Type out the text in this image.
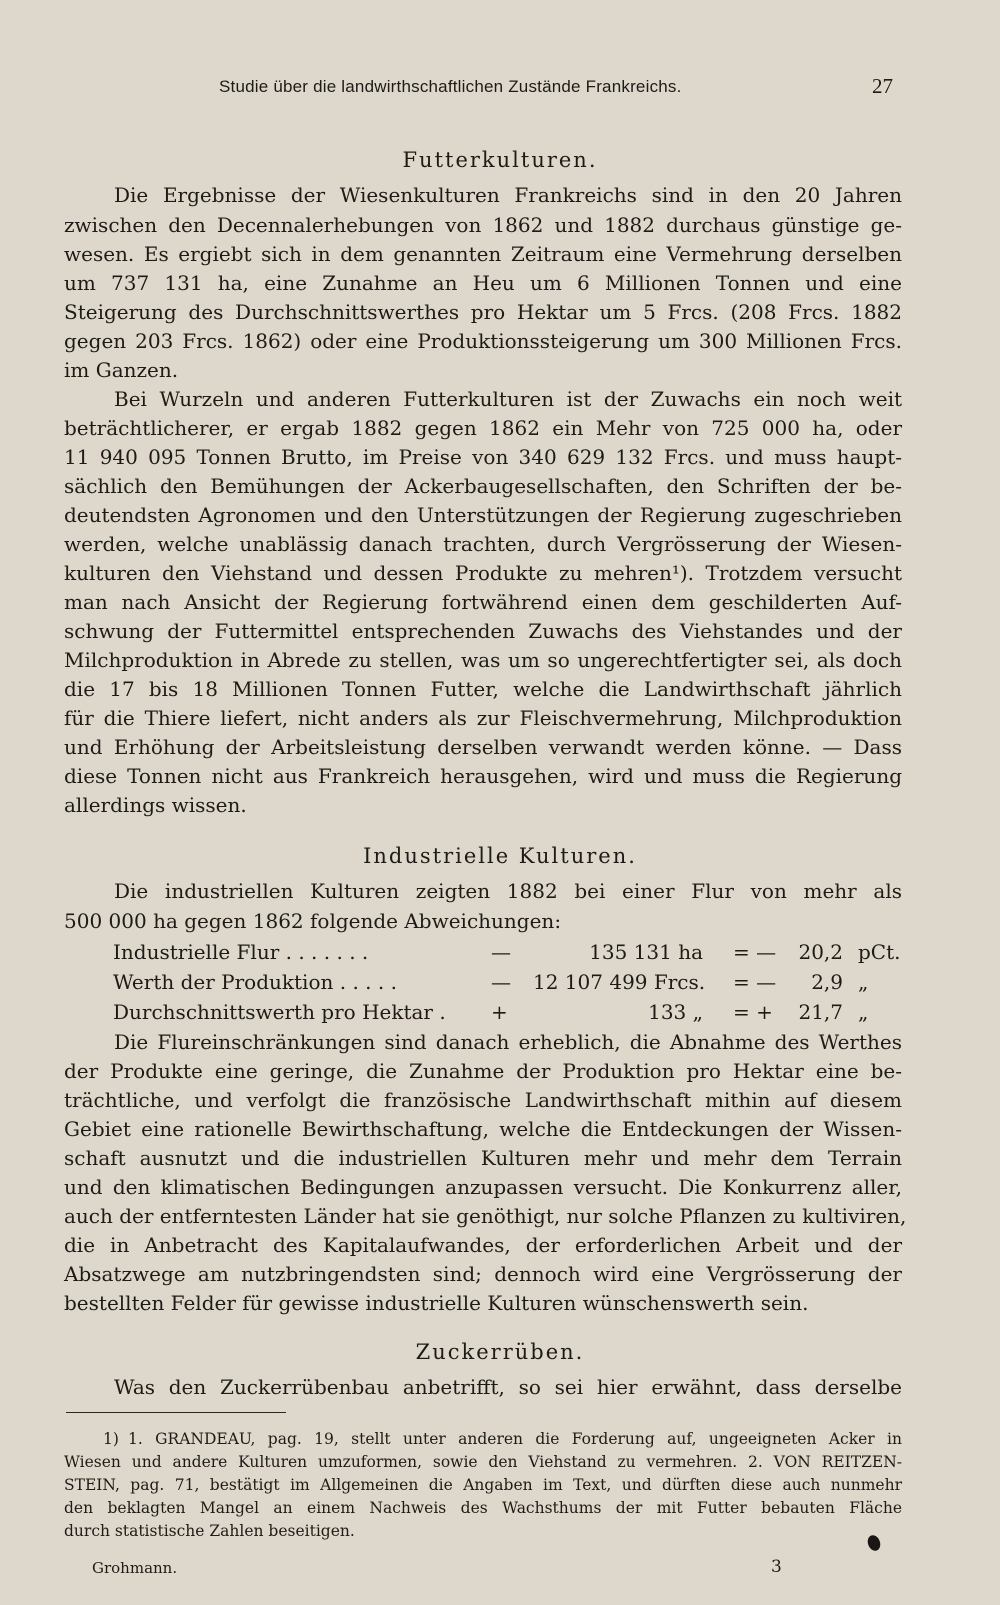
Studie über die landwirthschaftlichen Zustände Frankreichs.	27
Futterkulturen.
Die Ergebnisse der Wiesenkulturen Frankreichs sind in den 20 Jahren
zwischen den Decennalerhebungen von 1862 und 1882 durchaus günstige ge-
wesen. Es ergiebt sich in dem genannten Zeitraum eine Vermehrung derselben
um 737 131 ha, eine Zunahme an Heu um 6 Millionen Tonnen und eine
Steigerung des Durchschnittswerthes pro Hektar um 5 Frcs. (208 Frcs. 1882
gegen 203 Frcs. 1862) oder eine Produktionssteigerung um 300 Millionen Frcs.
im Ganzen.
Bei Wurzeln und anderen Futterkulturen ist der Zuwachs ein noch weit
beträchtlicherer, er ergab 1882 gegen 1862 ein Mehr von 725 000 ha, oder
11 940 095 Tonnen Brutto, im Preise von 340 629 132 Frcs. und muss haupt-
sächlich den Bemühungen der Ackerbaugesellschaften, den Schriften der be-
deutendsten Agronomen und den Unterstützungen der Regierung zugeschrieben
werden, welche unablässig danach trachten, durch Vergrösserung der Wiesen-
kulturen den Viehstand und dessen Produkte zu mehren¹). Trotzdem versucht
man nach Ansicht der Regierung fortwährend einen dem geschilderten Auf-
schwung der Futtermittel entsprechenden Zuwachs des Viehstandes und der
Milchproduktion in Abrede zu stellen, was um so ungerechtfertigter sei, als doch
die 17 bis 18 Millionen Tonnen Futter, welche die Landwirthschaft jährlich
für die Thiere liefert, nicht anders als zur Fleischvermehrung, Milchproduktion
und Erhöhung der Arbeitsleistung derselben verwandt werden könne. — Dass
diese Tonnen nicht aus Frankreich herausgehen, wird und muss die Regierung
allerdings wissen.
Industrielle Kulturen.
Die industriellen Kulturen zeigten 1882 bei einer Flur von mehr als
500 000 ha gegen 1862 folgende Abweichungen:
Industrielle Flur . . . . . . .	—	135 131 ha = —	20,2 pCt.
Werth der Produktion . . . . .	— 12 107 499 Frcs. = —	2,9 „
Durchschnittswerth pro Hektar . +	133 „ = +	21,7 „
Die Flureinschränkungen sind danach erheblich, die Abnahme des Werthes
der Produkte eine geringe, die Zunahme der Produktion pro Hektar eine be-
trächtliche, und verfolgt die französische Landwirthschaft mithin auf diesem
Gebiet eine rationelle Bewirthschaftung, welche die Entdeckungen der Wissen-
schaft ausnutzt und die industriellen Kulturen mehr und mehr dem Terrain
und den klimatischen Bedingungen anzupassen versucht. Die Konkurrenz aller,
auch der entferntesten Länder hat sie genöthigt, nur solche Pflanzen zu kultiviren,
die in Anbetracht des Kapitalaufwandes, der erforderlichen Arbeit und der
Absatzwege am nutzbringendsten sind; dennoch wird eine Vergrösserung der
bestellten Felder für gewisse industrielle Kulturen wünschenswerth sein.
Zuckerrüben.
Was den Zuckerrübenbau anbetrifft, so sei hier erwähnt, dass derselbe
1) 1. GRANDEAU, pag. 19, stellt unter anderen die Forderung auf, ungeeigneten Acker in
Wiesen und andere Kulturen umzuformen, sowie den Viehstand zu vermehren. 2. VON REITZEN-
STEIN, pag. 71, bestätigt im Allgemeinen die Angaben im Text, und dürften diese auch nunmehr
den beklagten Mangel an einem Nachweis des Wachsthums der mit Futter bebauten Fläche
durch statistische Zahlen beseitigen.
Grohmann.	3
